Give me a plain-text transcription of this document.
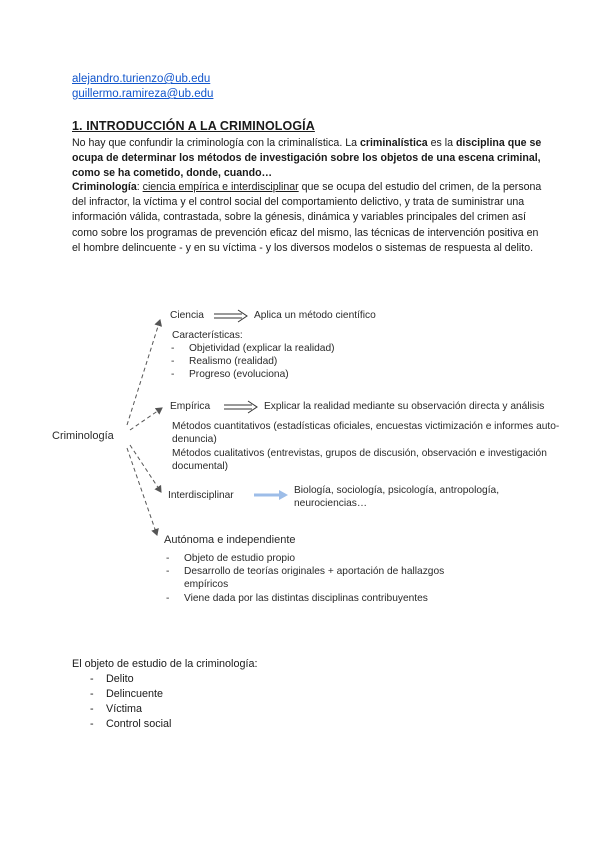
alejandro.turienzo@ub.edu
guillermo.ramireza@ub.edu
1. INTRODUCCIÓN A LA CRIMINOLOGÍA
No hay que confundir la criminología con la criminalística. La criminalística es la disciplina que se ocupa de determinar los métodos de investigación sobre los objetos de una escena criminal, como se ha cometido, donde, cuando…
Criminología: ciencia empírica e interdisciplinar que se ocupa del estudio del crimen, de la persona del infractor, la víctima y el control social del comportamiento delictivo, y trata de suministrar una información válida, contrastada, sobre la génesis, dinámica y variables principales del crimen así como sobre los programas de prevención eficaz del mismo, las técnicas de intervención positiva en el hombre delincuente - y en su víctima - y los diversos modelos o sistemas de respuesta al delito.
Criminología
Ciencia	Aplica un método científico
Características:
- Objetividad (explicar la realidad)
- Realismo (realidad)
- Progreso (evoluciona)
Empírica	Explicar la realidad mediante su observación directa y análisis
Métodos cuantitativos (estadísticas oficiales, encuestas victimización e informes auto-denuncia)
Métodos cualitativos (entrevistas, grupos de discusión, observación e investigación documental)
Interdisciplinar	Biología, sociología, psicología, antropología, neurociencias…
Autónoma e independiente
- Objeto de estudio propio
- Desarrollo de teorías originales + aportación de hallazgos empíricos
- Viene dada por las distintas disciplinas contribuyentes
El objeto de estudio de la criminología:
- Delito
- Delincuente
- Víctima
- Control social
